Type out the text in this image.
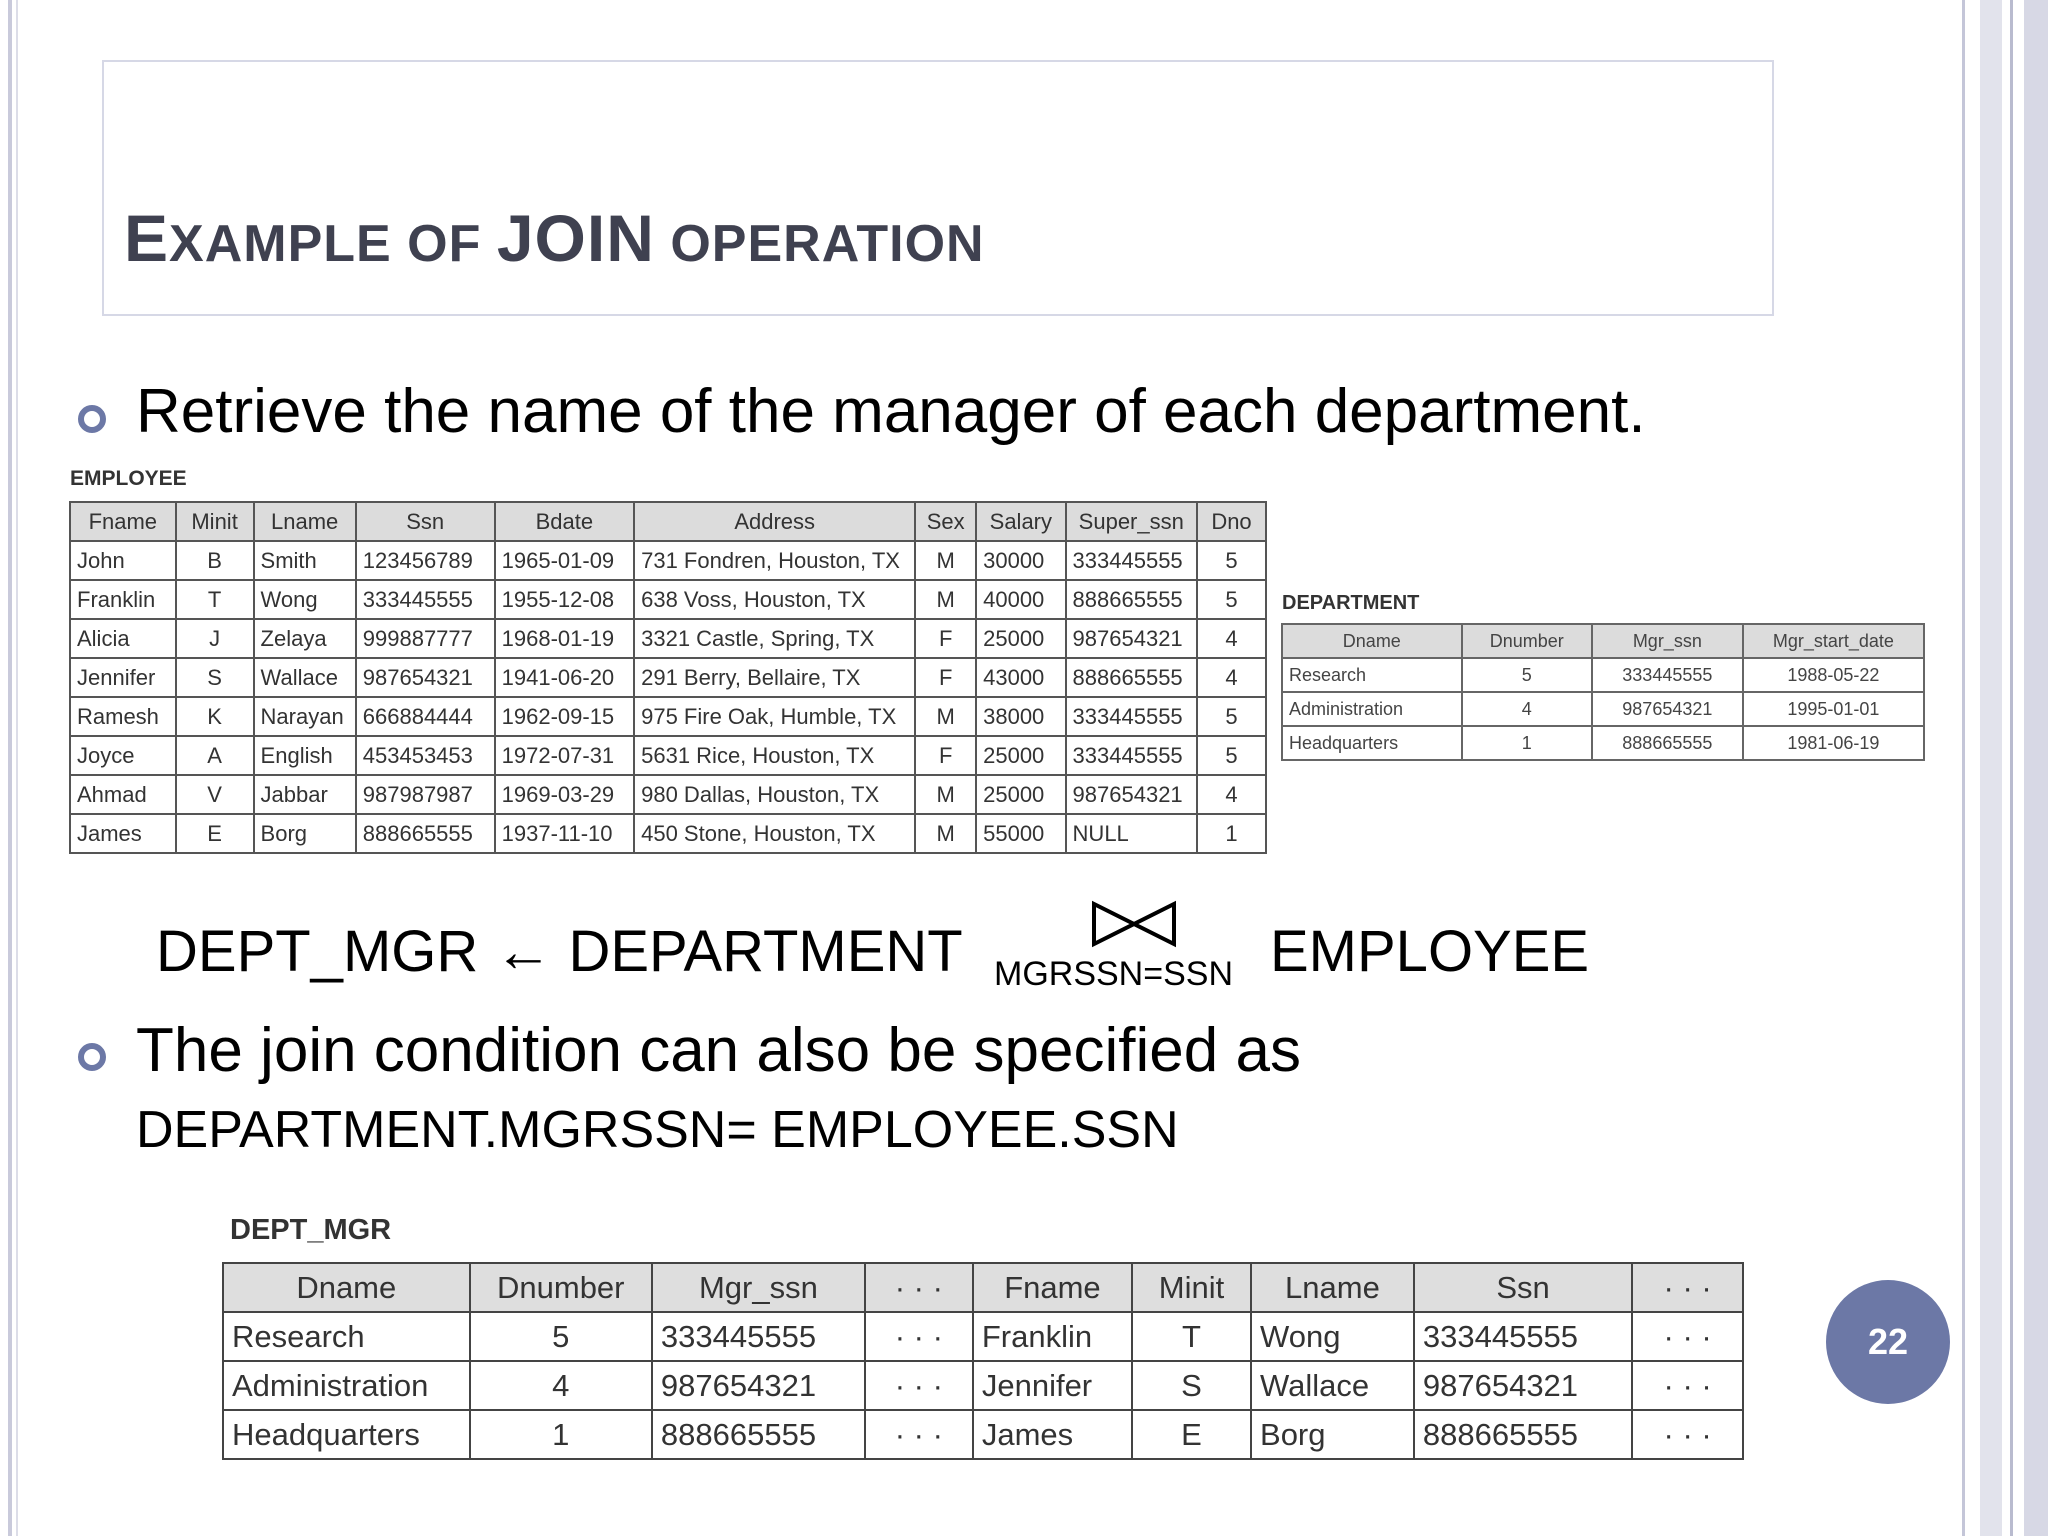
EXAMPLE OF JOIN OPERATION
Retrieve the name of the manager of each department.
EMPLOYEE
Fname	Minit	Lname	Ssn	Bdate	Address	Sex	Salary	Super_ssn	Dno
John	B	Smith	123456789	1965-01-09	731 Fondren, Houston, TX	M	30000	333445555	5
Franklin	T	Wong	333445555	1955-12-08	638 Voss, Houston, TX	M	40000	888665555	5
Alicia	J	Zelaya	999887777	1968-01-19	3321 Castle, Spring, TX	F	25000	987654321	4
Jennifer	S	Wallace	987654321	1941-06-20	291 Berry, Bellaire, TX	F	43000	888665555	4
Ramesh	K	Narayan	666884444	1962-09-15	975 Fire Oak, Humble, TX	M	38000	333445555	5
Joyce	A	English	453453453	1972-07-31	5631 Rice, Houston, TX	F	25000	333445555	5
Ahmad	V	Jabbar	987987987	1969-03-29	980 Dallas, Houston, TX	M	25000	987654321	4
James	E	Borg	888665555	1937-11-10	450 Stone, Houston, TX	M	55000	NULL	1
DEPARTMENT
Dname	Dnumber	Mgr_ssn	Mgr_start_date
Research	5	333445555	1988-05-22
Administration	4	987654321	1995-01-01
Headquarters	1	888665555	1981-06-19
DEPT_MGR ← DEPARTMENT MGRSSN=SSN EMPLOYEE
The join condition can also be specified as
DEPARTMENT.MGRSSN= EMPLOYEE.SSN
DEPT_MGR
Dname	Dnumber	Mgr_ssn	· · ·	Fname	Minit	Lname	Ssn	· · ·
Research	5	333445555	· · ·	Franklin	T	Wong	333445555	· · ·
Administration	4	987654321	· · ·	Jennifer	S	Wallace	987654321	· · ·
Headquarters	1	888665555	· · ·	James	E	Borg	888665555	· · ·
22
